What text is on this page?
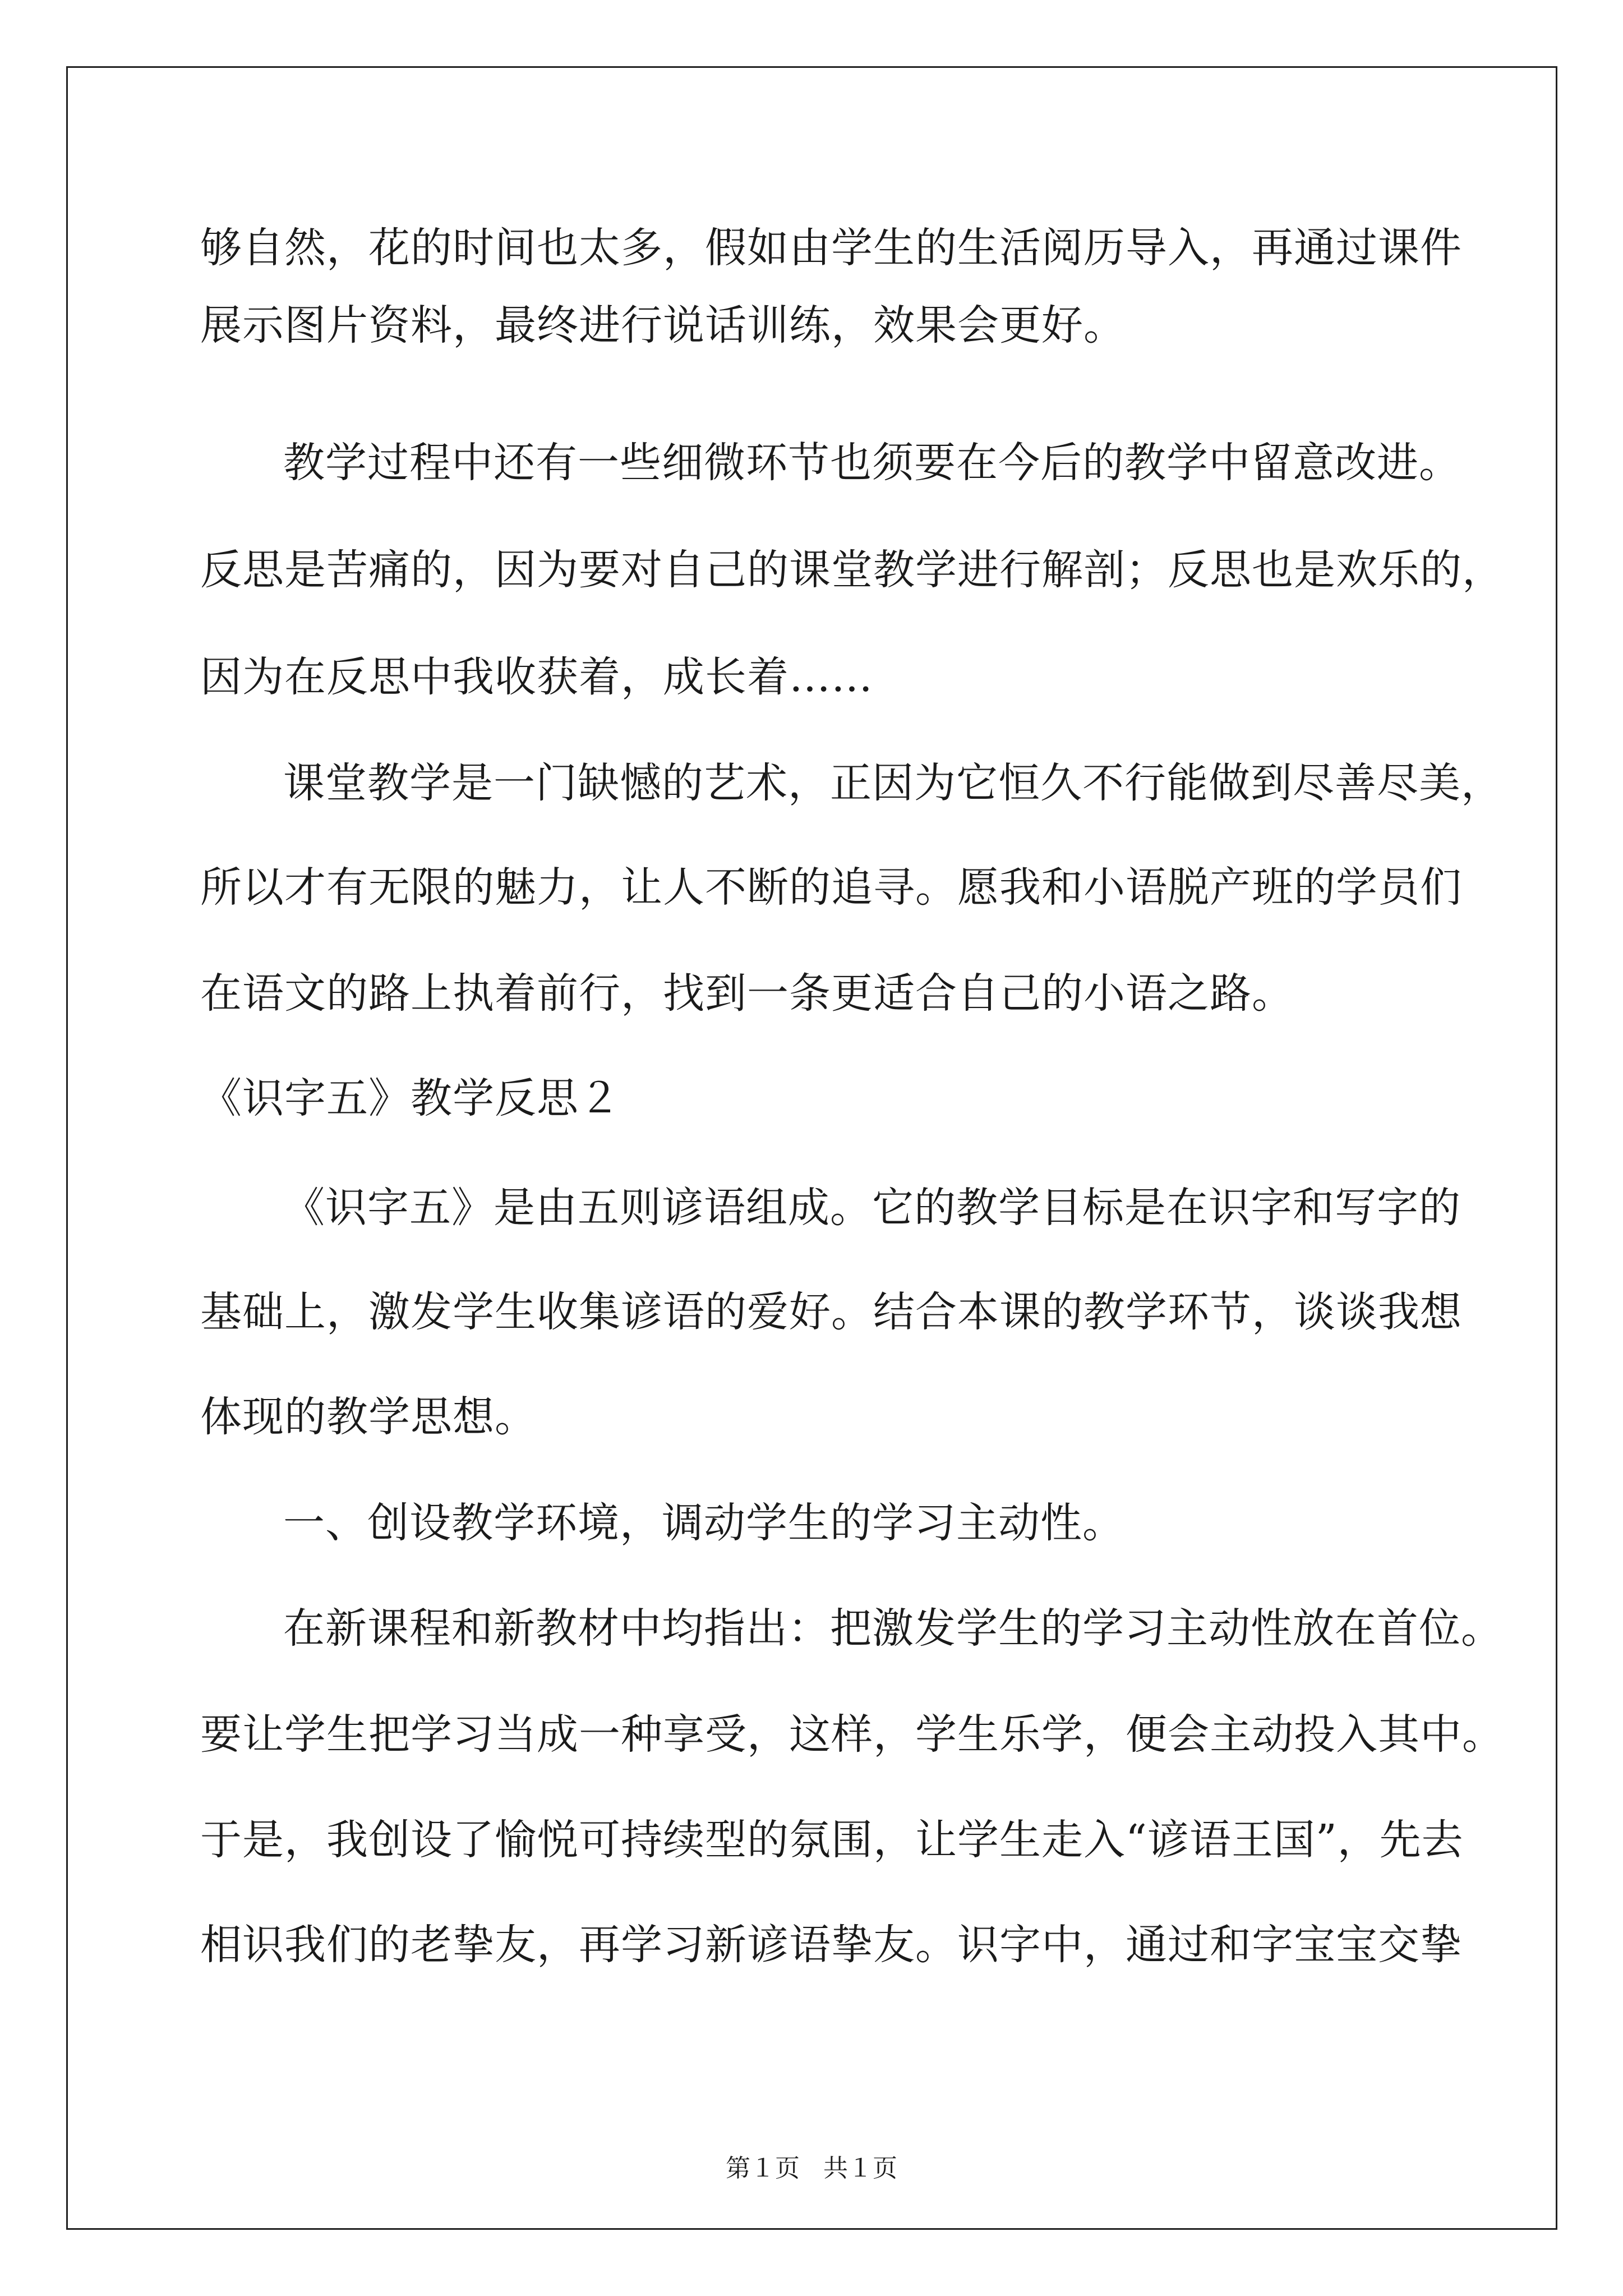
够自然，花的时间也太多，假如由学生的生活阅历导入，再通过课件
展示图片资料，最终进行说话训练，效果会更好。
教学过程中还有一些细微环节也须要在今后的教学中留意改进。
反思是苦痛的，因为要对自己的课堂教学进行解剖；反思也是欢乐的，
因为在反思中我收获着，成长着……
课堂教学是一门缺憾的艺术，正因为它恒久不行能做到尽善尽美，
所以才有无限的魅力，让人不断的追寻。愿我和小语脱产班的学员们
在语文的路上执着前行，找到一条更适合自己的小语之路。
《识字五》教学反思２
《识字五》是由五则谚语组成。它的教学目标是在识字和写字的
基础上，激发学生收集谚语的爱好。结合本课的教学环节，谈谈我想
体现的教学思想。
一、创设教学环境，调动学生的学习主动性。
在新课程和新教材中均指出：把激发学生的学习主动性放在首位。
要让学生把学习当成一种享受，这样，学生乐学，便会主动投入其中。
于是，我创设了愉悦可持续型的氛围，让学生走入“谚语王国”，先去
相识我们的老挚友，再学习新谚语挚友。识字中，通过和字宝宝交挚
第１页   共１页
